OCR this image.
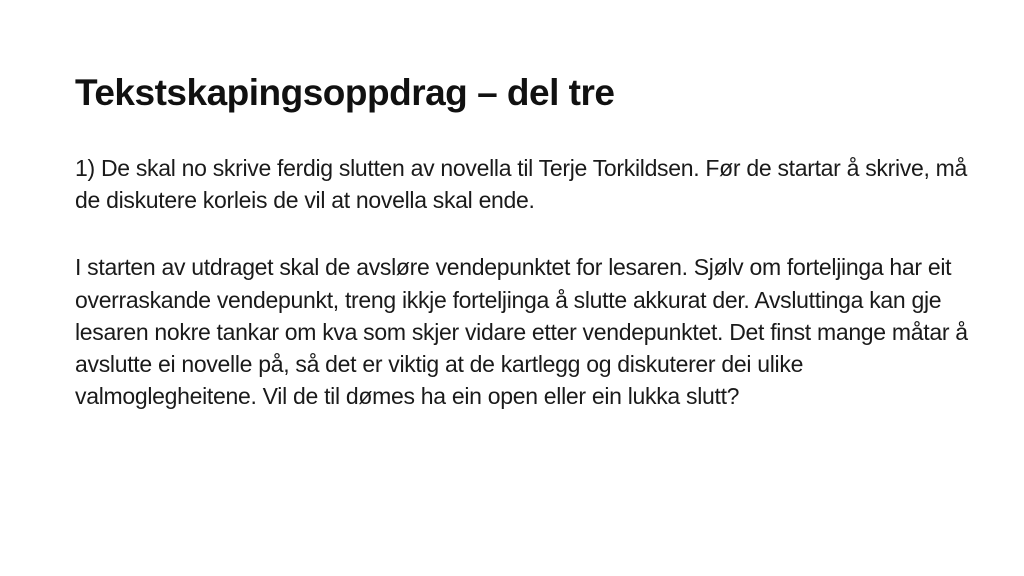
Tekstskapingsoppdrag – del tre

1) De skal no skrive ferdig slutten av novella til Terje Torkildsen. Før de startar å skrive, må de diskutere korleis de vil at novella skal ende.

I starten av utdraget skal de avsløre vendepunktet for lesaren. Sjølv om forteljinga har eit overraskande vendepunkt, treng ikkje forteljinga å slutte akkurat der. Avsluttinga kan gje lesaren nokre tankar om kva som skjer vidare etter vendepunktet. Det finst mange måtar å avslutte ei novelle på, så det er viktig at de kartlegg og diskuterer dei ulike valmoglegheitene. Vil de til dømes ha ein open eller ein lukka slutt?
